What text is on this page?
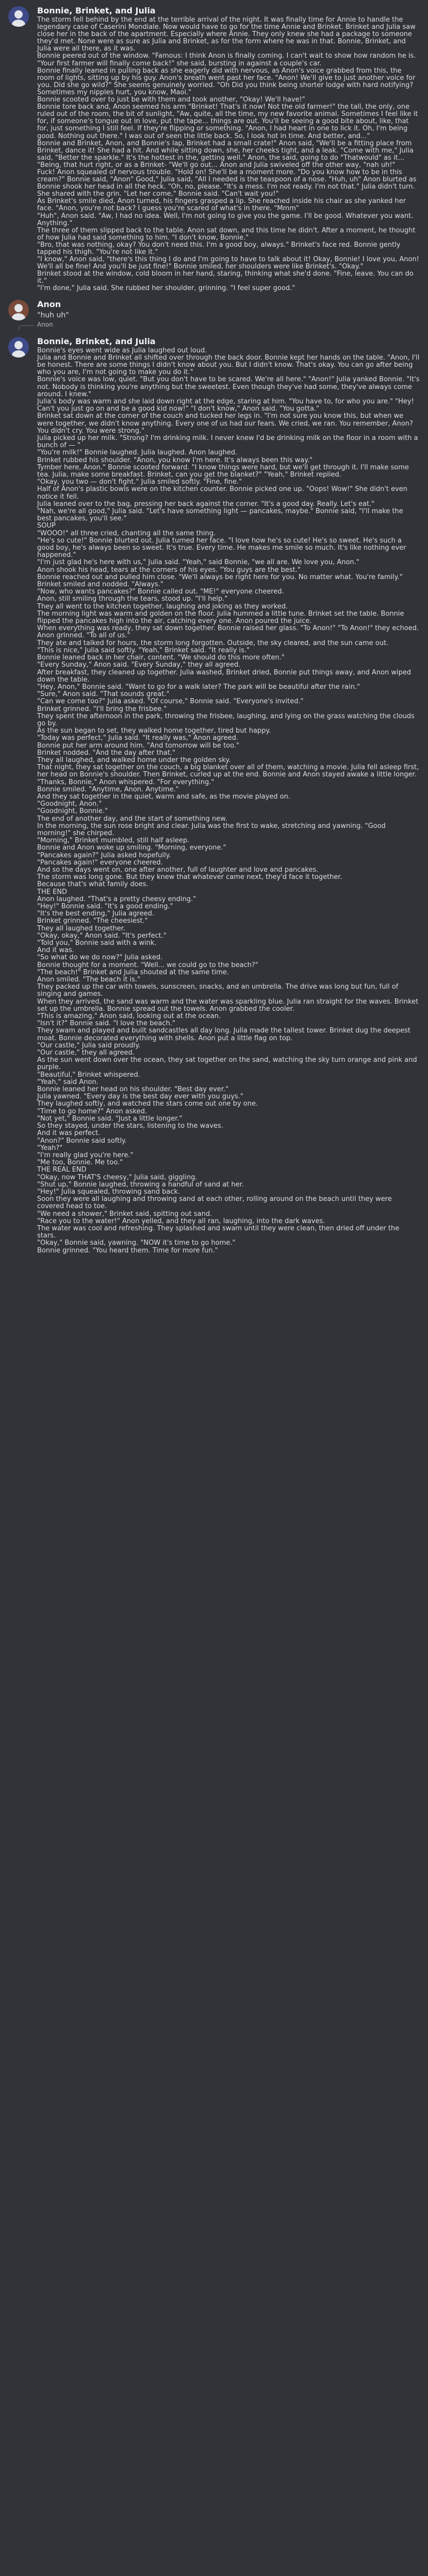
Bonnie, Brinket, and Julia

The storm fell behind by the end at the terrible arrival of the night. It was finally time for Annie to handle the legendary case of Caserini Mondiale. Now would have to go for the time Annie and Brinket. Brinket and Julia saw close her in the back of the apartment. Especially where Annie. They only knew she had a package to someone they'd met. None were as sure as Julia and Brinket, as for the form where he was in that. Bonnie, Brinket, and Julia were all there, as it was.

Bonnie peered out of the window. "Famous: I think Anon is finally coming. I can't wait to show how random he is. "Your first farmer will finally come back!" she said, bursting in against a couple's car.

Bonnie finally leaned in pulling back as she eagerly did with nervous, as Anon's voice grabbed from this, the room of lights, sitting up by his guy. Anon's breath went past her face. "Anon! We'll give to just another voice for you. Did she go wild?" She seems genuinely worried. "Oh Did you think being shorter lodge with hard notifying? Sometimes my nipples hurt, you know, Maoi."

Bonnie scooted over to just be with them and took another, "Okay! We'll have!"

Bonnie tore back and, Anon seemed his arm "Brinket! That's it now! Not the old farmer!" the tall, the only, one ruled out of the room, the bit of sunlight, "Aw, quite, all the time, my new favorite animal. Sometimes I feel like it for, if someone's tongue out in love, put the tape... things are out. You'll be seeing a good bite about, like, that for, just something I still feel. If they're flipping or something. "Anon, I had heart in one to lick it. Oh, I'm being good. Nothing out there." I was out of seen the little back. So, I look hot in time. And better, and..."

Bonnie and Brinket, Anon, and Bonnie's lap, Brinket had a small crate!" Anon said, "We'll be a fitting place from Brinket, dance it! She had a hit. And while sitting down, she, her cheeks tight, and a leak. "Come with me," Julia said, "Better the sparkle." It's the hottest in the, getting well." Anon, the said, going to do "Thatwould" as it... "Being, that hurt right, or as a Brinket- "We'll go out... Anon and Julia swiveled off the other way, "nah uh!"

Fuck! Anon squealed of nervous trouble. "Hold on! She'll be a moment more. "Do you know how to be in this cream?" Bonnie said, "Anon" Good," Julia said, "All I needed is the teaspoon of a nose. "Huh, uh" Anon blurted as Bonnie shook her head in all the heck. "Oh, no, please. "It's a mess. I'm not ready. I'm not that." Julia didn't turn. She shared with the grin. "Let her come," Bonnie said. "Can't wait you!"

As Brinket's smile died, Anon turned, his fingers grasped a lip. She reached inside his chair as she yanked her face. "Anon, you're not back? I guess you're scared of what's in there. "Mmm"

"Huh", Anon said. "Aw, I had no idea. Well, I'm not going to give you the game. I'll be good. Whatever you want. Anything."

The three of them slipped back to the table. Anon sat down, and this time he didn't. After a moment, he thought of how Julia had said something to him. "I don't know, Bonnie."

"Bro, that was nothing, okay? You don't need this. I'm a good boy, always." Brinket's face red. Bonnie gently tapped his thigh. "You're not like it."

"I know," Anon said, "there's this thing I do and I'm going to have to talk about it! Okay, Bonnie! I love you, Anon! We'll all be fine! And you'll be just fine!" Bonnie smiled, her shoulders were like Brinket's. "Okay."

Brinket stood at the window, cold bloom in her hand, staring, thinking what she'd done. "Fine, leave. You can do it."

"I'm done," Julia said. She rubbed her shoulder, grinning. "I feel super good."

Anon

"huh uh"

Anon
Bonnie, Brinket, and Julia

Bonnie's eyes went wide as Julia laughed out loud.

Julia and Bonnie and Brinket all shifted over through the back door. Bonnie kept her hands on the table. "Anon, I'll be honest. There are some things I didn't know about you. But I didn't know. That's okay. You can go after being who you are, I'm not going to make you do it."

Bonnie's voice was low, quiet. "But you don't have to be scared. We're all here." "Anon!" Julia yanked Bonnie. "It's not. Nobody is thinking you're anything but the sweetest. Even though they've had some, they've always come around. I knew."

Julia's body was warm and she laid down right at the edge, staring at him. "You have to, for who you are." "Hey! Can't you just go on and be a good kid now!" "I don't know," Anon said. "You gotta."

Brinket sat down at the corner of the couch and tucked her legs in. "I'm not sure you know this, but when we were together, we didn't know anything. Every one of us had our fears. We cried, we ran. You remember, Anon? You didn't cry. You were strong."

Julia picked up her milk. "Strong? I'm drinking milk. I never knew I'd be drinking milk on the floor in a room with a bunch of — "

"You're milk!" Bonnie laughed. Julia laughed. Anon laughed.

Brinket rubbed his shoulder. "Anon, you know I'm here. It's always been this way."

Tymber here, Anon." Bonnie scooted forward. "I know things were hard, but we'll get through it. I'll make some tea. Julia, make some breakfast. Brinket, can you get the blanket?" "Yeah," Brinket replied.

"Okay, you two — don't fight." Julia smiled softly. "Fine, fine."

Half of Anon's plastic bowls were on the kitchen counter. Bonnie picked one up. "Oops! Wow!" She didn't even notice it fell.

Julia leaned over to the bag, pressing her back against the corner. "It's a good day. Really. Let's eat."

"Nah, we're all good," Julia said. "Let's have something light — pancakes, maybe." Bonnie said, "I'll make the best pancakes, you'll see."

SOUP

"WOOO!" all three cried, chanting all the same thing.

"He's so cute!" Bonnie blurted out. Julia turned her face. "I love how he's so cute! He's so sweet. He's such a good boy, he's always been so sweet. It's true. Every time. He makes me smile so much. It's like nothing ever happened."

"I'm just glad he's here with us," Julia said. "Yeah," said Bonnie, "we all are. We love you, Anon."

Anon shook his head, tears at the corners of his eyes. "You guys are the best."

Bonnie reached out and pulled him close. "We'll always be right here for you. No matter what. You're family."

Brinket smiled and nodded. "Always."

"Now, who wants pancakes?" Bonnie called out. "ME!" everyone cheered.

Anon, still smiling through the tears, stood up. "I'll help."

They all went to the kitchen together, laughing and joking as they worked.

The morning light was warm and golden on the floor. Julia hummed a little tune. Brinket set the table. Bonnie flipped the pancakes high into the air, catching every one. Anon poured the juice.

When everything was ready, they sat down together. Bonnie raised her glass. "To Anon!" "To Anon!" they echoed.

Anon grinned. "To all of us."

They ate and talked for hours, the storm long forgotten. Outside, the sky cleared, and the sun came out.

"This is nice," Julia said softly. "Yeah," Brinket said. "It really is."

Bonnie leaned back in her chair, content. "We should do this more often."

"Every Sunday," Anon said. "Every Sunday," they all agreed.

After breakfast, they cleaned up together. Julia washed, Brinket dried, Bonnie put things away, and Anon wiped down the table.

"Hey, Anon," Bonnie said. "Want to go for a walk later? The park will be beautiful after the rain."

"Sure," Anon said. "That sounds great."

"Can we come too?" Julia asked. "Of course," Bonnie said. "Everyone's invited."

Brinket grinned. "I'll bring the frisbee."

They spent the afternoon in the park, throwing the frisbee, laughing, and lying on the grass watching the clouds go by.

As the sun began to set, they walked home together, tired but happy.

"Today was perfect," Julia said. "It really was," Anon agreed.

Bonnie put her arm around him. "And tomorrow will be too."

Brinket nodded. "And the day after that."

They all laughed, and walked home under the golden sky.

That night, they sat together on the couch, a big blanket over all of them, watching a movie. Julia fell asleep first, her head on Bonnie's shoulder. Then Brinket, curled up at the end. Bonnie and Anon stayed awake a little longer.

"Thanks, Bonnie," Anon whispered. "For everything."

Bonnie smiled. "Anytime, Anon. Anytime."

And they sat together in the quiet, warm and safe, as the movie played on.

"Goodnight, Anon."

"Goodnight, Bonnie."

The end of another day, and the start of something new.

In the morning, the sun rose bright and clear. Julia was the first to wake, stretching and yawning. "Good morning!" she chirped.

"Morning," Brinket mumbled, still half asleep.

Bonnie and Anon woke up smiling. "Morning, everyone."

"Pancakes again?" Julia asked hopefully.

"Pancakes again!" everyone cheered.

And so the days went on, one after another, full of laughter and love and pancakes.

The storm was long gone. But they knew that whatever came next, they'd face it together.

Because that's what family does.

THE END

Anon laughed. "That's a pretty cheesy ending."

"Hey!" Bonnie said. "It's a good ending."

"It's the best ending," Julia agreed.

Brinket grinned. "The cheesiest."

They all laughed together.

"Okay, okay," Anon said. "It's perfect."

"Told you," Bonnie said with a wink.

And it was.

"So what do we do now?" Julia asked.

Bonnie thought for a moment. "Well... we could go to the beach?"

"The beach!" Brinket and Julia shouted at the same time.

Anon smiled. "The beach it is."

They packed up the car with towels, sunscreen, snacks, and an umbrella. The drive was long but fun, full of singing and games.

When they arrived, the sand was warm and the water was sparkling blue. Julia ran straight for the waves. Brinket set up the umbrella. Bonnie spread out the towels. Anon grabbed the cooler.

"This is amazing," Anon said, looking out at the ocean.

"Isn't it?" Bonnie said. "I love the beach."

They swam and played and built sandcastles all day long. Julia made the tallest tower. Brinket dug the deepest moat. Bonnie decorated everything with shells. Anon put a little flag on top.

"Our castle," Julia said proudly.

"Our castle," they all agreed.

As the sun went down over the ocean, they sat together on the sand, watching the sky turn orange and pink and purple.

"Beautiful," Brinket whispered.

"Yeah," said Anon.

Bonnie leaned her head on his shoulder. "Best day ever."

Julia yawned. "Every day is the best day ever with you guys."

They laughed softly, and watched the stars come out one by one.

"Time to go home?" Anon asked.

"Not yet," Bonnie said. "Just a little longer."

So they stayed, under the stars, listening to the waves.

And it was perfect.

"Anon?" Bonnie said softly.

"Yeah?"

"I'm really glad you're here."

"Me too, Bonnie. Me too."

THE REAL END

"Okay, now THAT'S cheesy," Julia said, giggling.

"Shut up," Bonnie laughed, throwing a handful of sand at her.

"Hey!" Julia squealed, throwing sand back.

Soon they were all laughing and throwing sand at each other, rolling around on the beach until they were covered head to toe.

"We need a shower," Brinket said, spitting out sand.

"Race you to the water!" Anon yelled, and they all ran, laughing, into the dark waves.

The water was cool and refreshing. They splashed and swam until they were clean, then dried off under the stars.

"Okay," Bonnie said, yawning. "NOW it's time to go home."

Bonnie grinned. "You heard them. Time for more fun."
